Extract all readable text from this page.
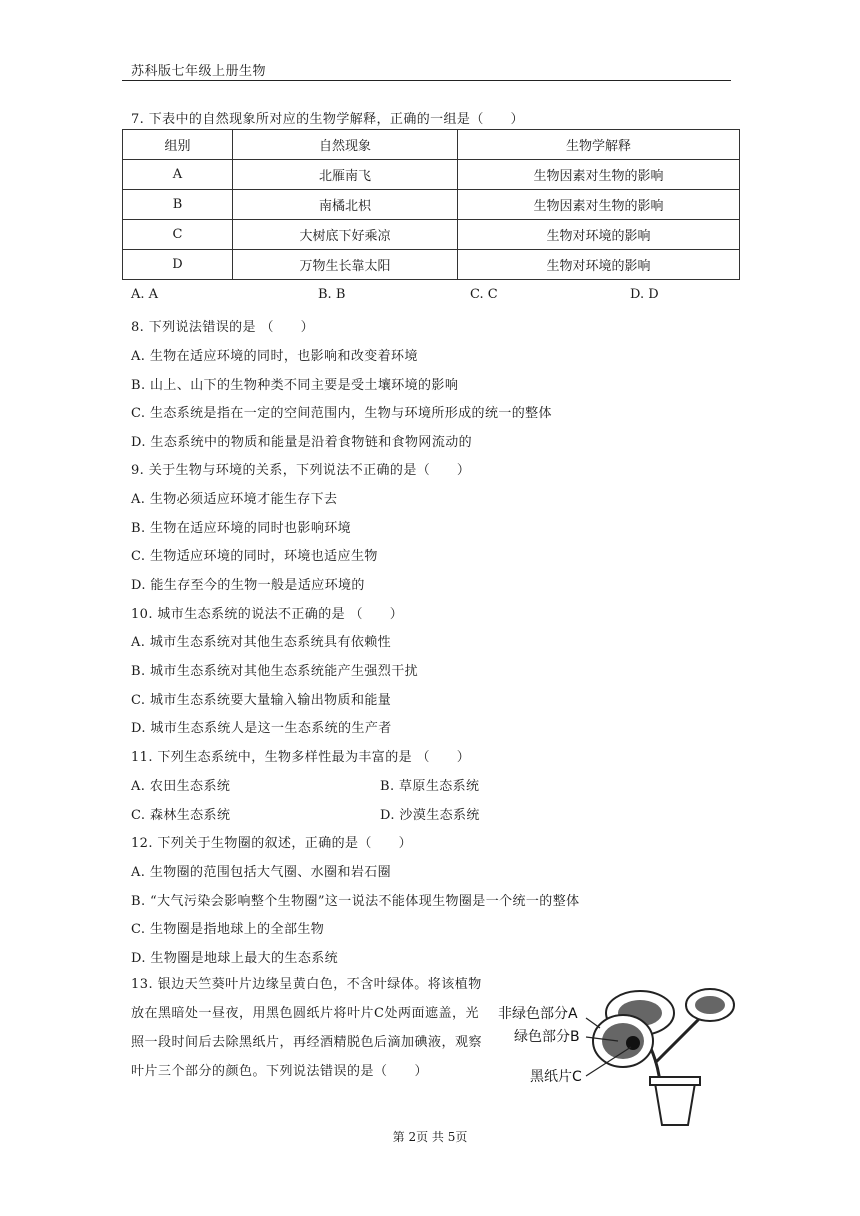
苏科版七年级上册生物
7. 下表中的自然现象所对应的生物学解释，正确的一组是（　　）
组别	自然现象	生物学解释
A	北雁南飞	生物因素对生物的影响
B	南橘北枳	生物因素对生物的影响
C	大树底下好乘凉	生物对环境的影响
D	万物生长靠太阳	生物对环境的影响
A. A	B. B	C. C	D. D
8. 下列说法错误的是 （　　）
A. 生物在适应环境的同时，也影响和改变着环境
B. 山上、山下的生物种类不同主要是受土壤环境的影响
C. 生态系统是指在一定的空间范围内，生物与环境所形成的统一的整体
D. 生态系统中的物质和能量是沿着食物链和食物网流动的
9. 关于生物与环境的关系，下列说法不正确的是（　　）
A. 生物必须适应环境才能生存下去
B. 生物在适应环境的同时也影响环境
C. 生物适应环境的同时，环境也适应生物
D. 能生存至今的生物一般是适应环境的
10. 城市生态系统的说法不正确的是 （　　）
A. 城市生态系统对其他生态系统具有依赖性
B. 城市生态系统对其他生态系统能产生强烈干扰
C. 城市生态系统要大量输入输出物质和能量
D. 城市生态系统人是这一生态系统的生产者
11. 下列生态系统中，生物多样性最为丰富的是 （　　）
A. 农田生态系统	B. 草原生态系统
C. 森林生态系统	D. 沙漠生态系统
12. 下列关于生物圈的叙述，正确的是（　　）
A. 生物圈的范围包括大气圈、水圈和岩石圈
B. “大气污染会影响整个生物圈”这一说法不能体现生物圈是一个统一的整体
C. 生物圈是指地球上的全部生物
D. 生物圈是地球上最大的生态系统
13. 银边天竺葵叶片边缘呈黄白色，不含叶绿体。将该植物放在黑暗处一昼夜，用黑色圆纸片将叶片C处两面遮盖，光照一段时间后去除黑纸片，再经酒精脱色后滴加碘液，观察叶片三个部分的颜色。下列说法错误的是（　　）
非绿色部分A
绿色部分B
黑纸片C
第 2页 共 5页
